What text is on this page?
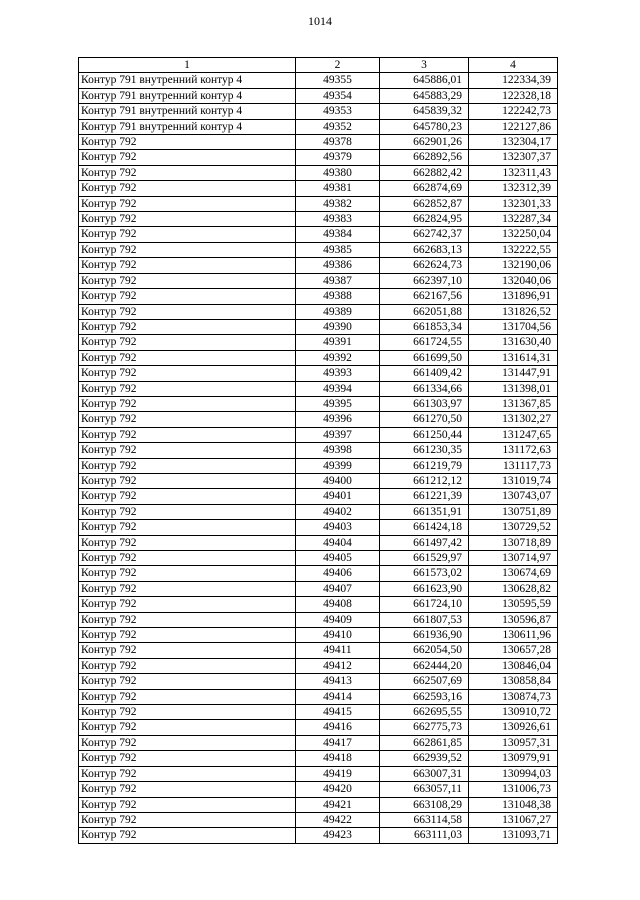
1014
1	2	3	4
Контур 791 внутренний контур 4	49355	645886,01	122334,39
Контур 791 внутренний контур 4	49354	645883,29	122328,18
Контур 791 внутренний контур 4	49353	645839,32	122242,73
Контур 791 внутренний контур 4	49352	645780,23	122127,86
Контур 792	49378	662901,26	132304,17
Контур 792	49379	662892,56	132307,37
Контур 792	49380	662882,42	132311,43
Контур 792	49381	662874,69	132312,39
Контур 792	49382	662852,87	132301,33
Контур 792	49383	662824,95	132287,34
Контур 792	49384	662742,37	132250,04
Контур 792	49385	662683,13	132222,55
Контур 792	49386	662624,73	132190,06
Контур 792	49387	662397,10	132040,06
Контур 792	49388	662167,56	131896,91
Контур 792	49389	662051,88	131826,52
Контур 792	49390	661853,34	131704,56
Контур 792	49391	661724,55	131630,40
Контур 792	49392	661699,50	131614,31
Контур 792	49393	661409,42	131447,91
Контур 792	49394	661334,66	131398,01
Контур 792	49395	661303,97	131367,85
Контур 792	49396	661270,50	131302,27
Контур 792	49397	661250,44	131247,65
Контур 792	49398	661230,35	131172,63
Контур 792	49399	661219,79	131117,73
Контур 792	49400	661212,12	131019,74
Контур 792	49401	661221,39	130743,07
Контур 792	49402	661351,91	130751,89
Контур 792	49403	661424,18	130729,52
Контур 792	49404	661497,42	130718,89
Контур 792	49405	661529,97	130714,97
Контур 792	49406	661573,02	130674,69
Контур 792	49407	661623,90	130628,82
Контур 792	49408	661724,10	130595,59
Контур 792	49409	661807,53	130596,87
Контур 792	49410	661936,90	130611,96
Контур 792	49411	662054,50	130657,28
Контур 792	49412	662444,20	130846,04
Контур 792	49413	662507,69	130858,84
Контур 792	49414	662593,16	130874,73
Контур 792	49415	662695,55	130910,72
Контур 792	49416	662775,73	130926,61
Контур 792	49417	662861,85	130957,31
Контур 792	49418	662939,52	130979,91
Контур 792	49419	663007,31	130994,03
Контур 792	49420	663057,11	131006,73
Контур 792	49421	663108,29	131048,38
Контур 792	49422	663114,58	131067,27
Контур 792	49423	663111,03	131093,71
